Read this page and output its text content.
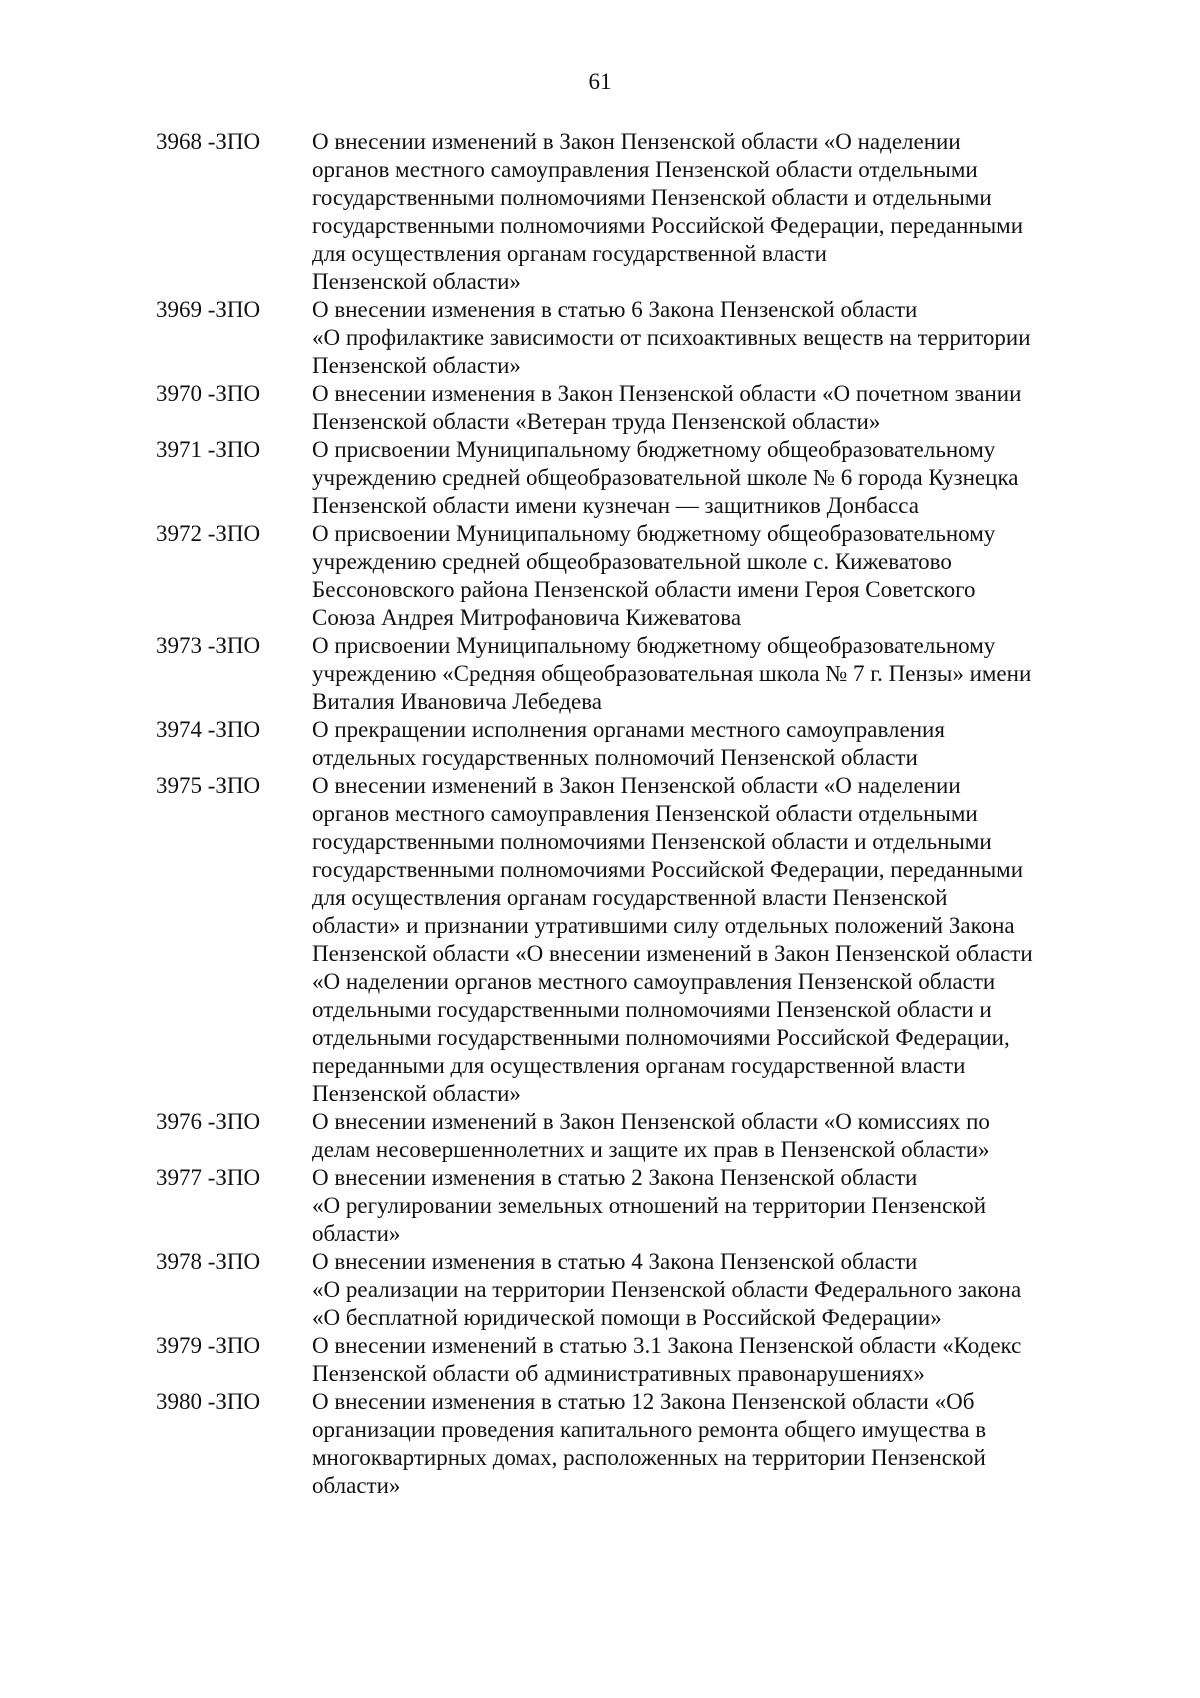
61
3968 -ЗПО	О внесении изменений в Закон Пензенской области «О наделении
органов местного самоуправления Пензенской области отдельными
государственными полномочиями Пензенской области и отдельными
государственными полномочиями Российской Федерации, переданными
для осуществления органам государственной власти
Пензенской области»
3969 -ЗПО	О внесении изменения в статью 6 Закона Пензенской области
«О профилактике зависимости от психоактивных веществ на территории
Пензенской области»
3970 -ЗПО	О внесении изменения в Закон Пензенской области «О почетном звании
Пензенской области «Ветеран труда Пензенской области»
3971 -ЗПО	О присвоении Муниципальному бюджетному общеобразовательному
учреждению средней общеобразовательной школе № 6 города Кузнецка
Пензенской области имени кузнечан — защитников Донбасса
3972 -ЗПО	О присвоении Муниципальному бюджетному общеобразовательному
учреждению средней общеобразовательной школе с. Кижеватово
Бессоновского района Пензенской области имени Героя Советского
Союза Андрея Митрофановича Кижеватова
3973 -ЗПО	О присвоении Муниципальному бюджетному общеобразовательному
учреждению «Средняя общеобразовательная школа № 7 г. Пензы» имени
Виталия Ивановича Лебедева
3974 -ЗПО	О прекращении исполнения органами местного самоуправления
отдельных государственных полномочий Пензенской области
3975 -ЗПО	О внесении изменений в Закон Пензенской области «О наделении
органов местного самоуправления Пензенской области отдельными
государственными полномочиями Пензенской области и отдельными
государственными полномочиями Российской Федерации, переданными
для осуществления органам государственной власти Пензенской
области» и признании утратившими силу отдельных положений Закона
Пензенской области «О внесении изменений в Закон Пензенской области
«О наделении органов местного самоуправления Пензенской области
отдельными государственными полномочиями Пензенской области и
отдельными государственными полномочиями Российской Федерации,
переданными для осуществления органам государственной власти
Пензенской области»
3976 -ЗПО	О внесении изменений в Закон Пензенской области «О комиссиях по
делам несовершеннолетних и защите их прав в Пензенской области»
3977 -ЗПО	О внесении изменения в статью 2 Закона Пензенской области
«О регулировании земельных отношений на территории Пензенской
области»
3978 -ЗПО	О внесении изменения в статью 4 Закона Пензенской области
«О реализации на территории Пензенской области Федерального закона
«О бесплатной юридической помощи в Российской Федерации»
3979 -ЗПО	О внесении изменений в статью 3.1 Закона Пензенской области «Кодекс
Пензенской области об административных правонарушениях»
3980 -ЗПО	О внесении изменения в статью 12 Закона Пензенской области «Об
организации проведения капитального ремонта общего имущества в
многоквартирных домах, расположенных на территории Пензенской
области»
